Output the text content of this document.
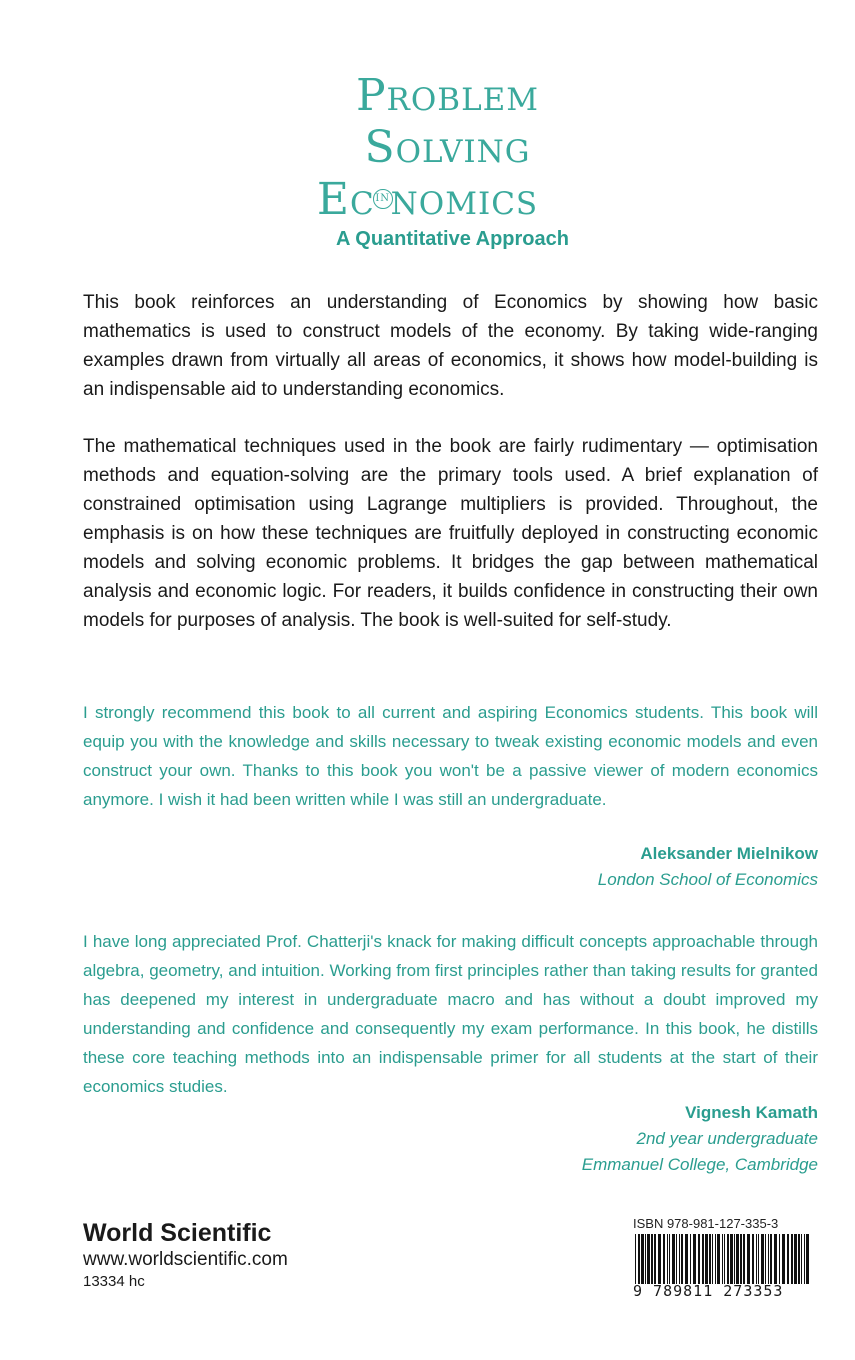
Problem
Solving
EcINnomics
A Quantitative Approach

This book reinforces an understanding of Economics by showing how basic mathematics is used to construct models of the economy. By taking wide-ranging examples drawn from virtually all areas of economics, it shows how model-building is an indispensable aid to understanding economics.

The mathematical techniques used in the book are fairly rudimentary — optimisation methods and equation-solving are the primary tools used. A brief explanation of constrained optimisation using Lagrange multipliers is provided. Throughout, the emphasis is on how these techniques are fruitfully deployed in constructing economic models and solving economic problems. It bridges the gap between mathematical analysis and economic logic. For readers, it builds confidence in constructing their own models for purposes of analysis. The book is well-suited for self-study.

I strongly recommend this book to all current and aspiring Economics students. This book will equip you with the knowledge and skills necessary to tweak existing economic models and even construct your own. Thanks to this book you won't be a passive viewer of modern economics anymore. I wish it had been written while I was still an undergraduate.

Aleksander Mielnikow
London School of Economics

I have long appreciated Prof. Chatterji's knack for making difficult concepts approachable through algebra, geometry, and intuition. Working from first principles rather than taking results for granted has deepened my interest in undergraduate macro and has without a doubt improved my understanding and confidence and consequently my exam performance. In this book, he distills these core teaching methods into an indispensable primer for all students at the start of their economics studies.

Vignesh Kamath
2nd year undergraduate
Emmanuel College, Cambridge
World Scientific
www.worldscientific.com
13334 hc
ISBN 978-981-127-335-3
9 789811 273353
